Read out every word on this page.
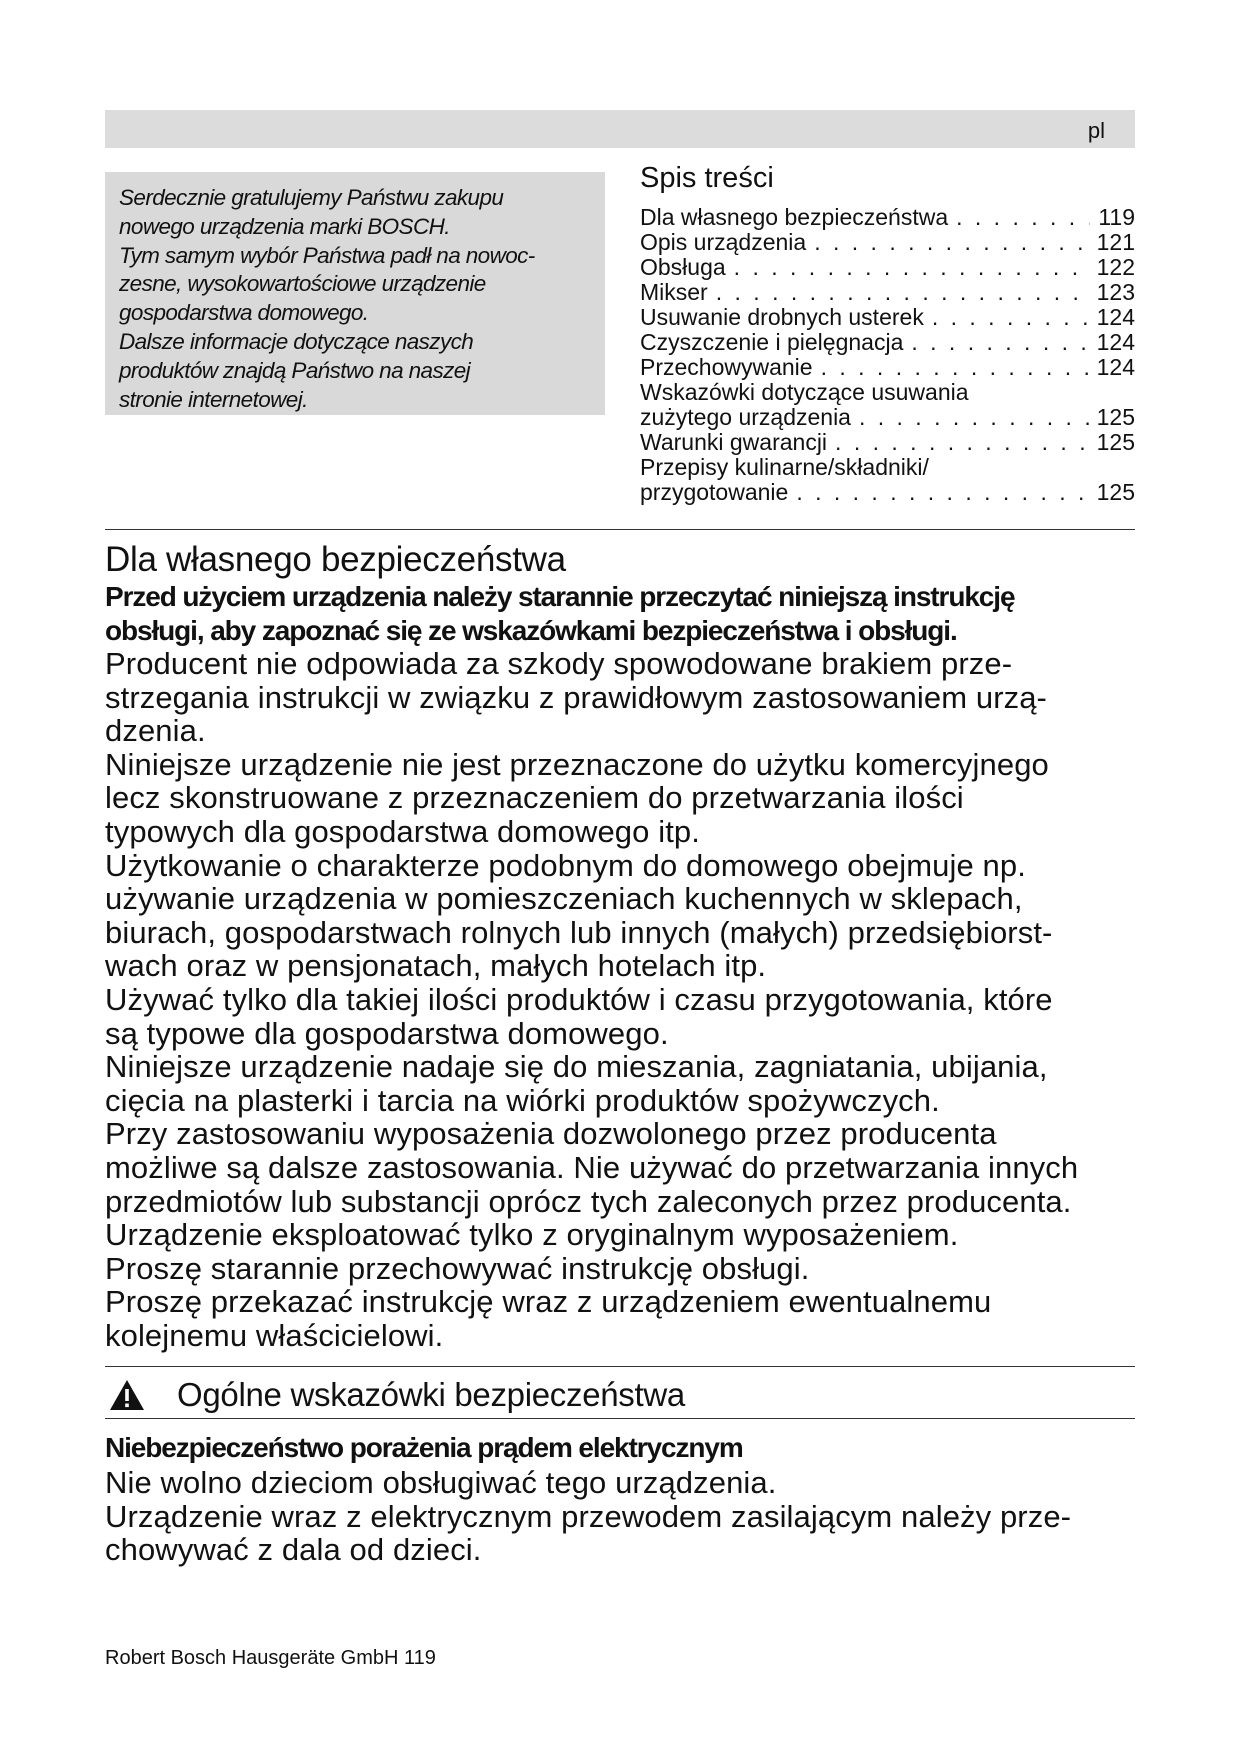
pl

Serdecznie gratulujemy Państwu zakupu
nowego urządzenia marki BOSCH.
Tym samym wybór Państwa padł na nowoc-
zesne, wysokowartościowe urządzenie
gospodarstwa domowego.
Dalsze informacje dotyczące naszych
produktów znajdą Państwo na naszej
stronie internetowej.

Spis treści
Dla własnego bezpieczeństwa . . .	119
Opis urządzenia . . .	121
Obsługa . . .	122
Mikser . . .	123
Usuwanie drobnych usterek . . .	124
Czyszczenie i pielęgnacja . . .	124
Przechowywanie . . .	124
Wskazówki dotyczące usuwania
zużytego urządzenia . . .	125
Warunki gwarancji . . .	125
Przepisy kulinarne/składniki/
przygotowanie . . .	125
Dla własnego bezpieczeństwa

Przed użyciem urządzenia należy starannie przeczytać niniejszą instrukcję
obsługi, aby zapoznać się ze wskazówkami bezpieczeństwa i obsługi.

Producent nie odpowiada za szkody spowodowane brakiem prze-
strzegania instrukcji w związku z prawidłowym zastosowaniem urzą-
dzenia.
Niniejsze urządzenie nie jest przeznaczone do użytku komercyjnego
lecz skonstruowane z przeznaczeniem do przetwarzania ilości
typowych dla gospodarstwa domowego itp.
Użytkowanie o charakterze podobnym do domowego obejmuje np.
używanie urządzenia w pomieszczeniach kuchennych w sklepach,
biurach, gospodarstwach rolnych lub innych (małych) przedsiębiorst-
wach oraz w pensjonatach, małych hotelach itp.
Używać tylko dla takiej ilości produktów i czasu przygotowania, które
są typowe dla gospodarstwa domowego.
Niniejsze urządzenie nadaje się do mieszania, zagniatania, ubijania,
cięcia na plasterki i tarcia na wiórki produktów spożywczych.
Przy zastosowaniu wyposażenia dozwolonego przez producenta
możliwe są dalsze zastosowania. Nie używać do przetwarzania innych
przedmiotów lub substancji oprócz tych zaleconych przez producenta.
Urządzenie eksploatować tylko z oryginalnym wyposażeniem.
Proszę starannie przechowywać instrukcję obsługi.
Proszę przekazać instrukcję wraz z urządzeniem ewentualnemu
kolejnemu właścicielowi.

Ogólne wskazówki bezpieczeństwa

Niebezpieczeństwo porażenia prądem elektrycznym

Nie wolno dzieciom obsługiwać tego urządzenia.
Urządzenie wraz z elektrycznym przewodem zasilającym należy prze-
chowywać z dala od dzieci.

Robert Bosch Hausgeräte GmbH 119
